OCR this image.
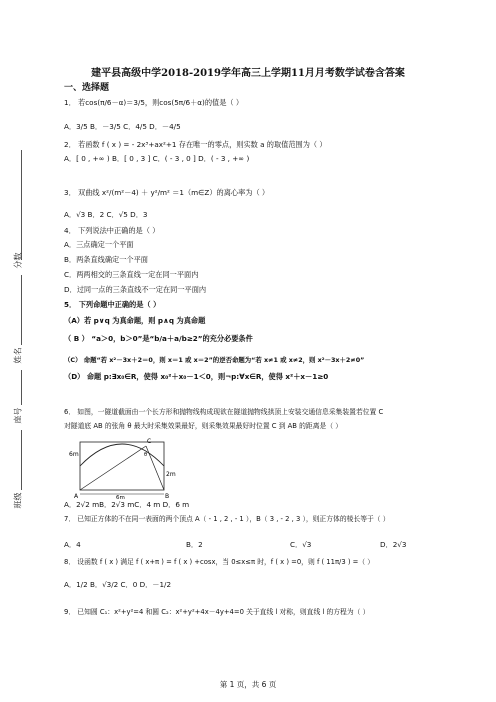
分数
姓名
座号
班级
建平县高级中学2018-2019学年高三上学期11月月考数学试卷含答案
一、选择题
1． 若cos(π/6－α)＝3/5，则cos(5π/6＋α)的值是（ ）
A．3/5 B．－3/5 C．4/5 D．－4/5
2． 若函数 f ( x ) = - 2x³+ax²+1 存在唯一的零点，则实数 a 的取值范围为（ ）
A．[ 0 , +∞ ) B．[ 0 , 3 ] C．( - 3 , 0 ] D．( - 3 , +∞ )
3． 双曲线 x²/(m²－4) ＋ y²/m² ＝1（m∈Z）的离心率为（ ）
A．√3 B．2 C．√5 D．3
4． 下列说法中正确的是（ ）
A．三点确定一个平面
B．两条直线确定一个平面
C．两两相交的三条直线一定在同一平面内
D．过同一点的三条直线不一定在同一平面内
5． 下列命题中正确的是（ ）
（A）若 p∨q 为真命题，则 p∧q 为真命题
（ B ） “a＞0，b＞0”是“b/a＋a/b≥2”的充分必要条件
（C） 命题“若 x²－3x＋2＝0，则 x＝1 或 x＝2”的逆否命题为“若 x≠1 或 x≠2，则 x²－3x＋2≠0”
（D） 命题 p:∃x₀∈R，使得 x₀²＋x₀－1＜0，则¬p:∀x∈R，使得 x²＋x－1≥0
6． 如图，一隧道截面由一个长方形和抛物线构成现欲在隧道抛物线拱顶上安装交通信息采集装置若位置 C
对隧道底 AB 的张角 θ 最大时采集效果最好，则采集效果最好时位置 C 到 AB 的距离是（ ）
6m
2m
A	B
C
θ
6m
A．2√2 mB．2√3 mC．4 m D．6 m
7． 已知正方体的不在同一表面的两个顶点 A（ - 1 , 2 , - 1 ），B（ 3 , - 2 , 3 ），则正方体的棱长等于（ ）
A．4	B．2	C．√3	D．2√3
8． 设函数 f ( x ) 满足 f ( x+π ) = f ( x ) +cosx，当 0≤x≤π 时，f ( x ) =0，则 f ( 11π/3 ) =（ ）
A．1/2 B．√3/2 C．0 D．－1/2
9． 已知圆 C₁：x²+y²=4 和圆 C₂：x²+y²+4x－4y+4=0 关于直线 l 对称，则直线 l 的方程为（ ）
第 1 页，共 6 页
